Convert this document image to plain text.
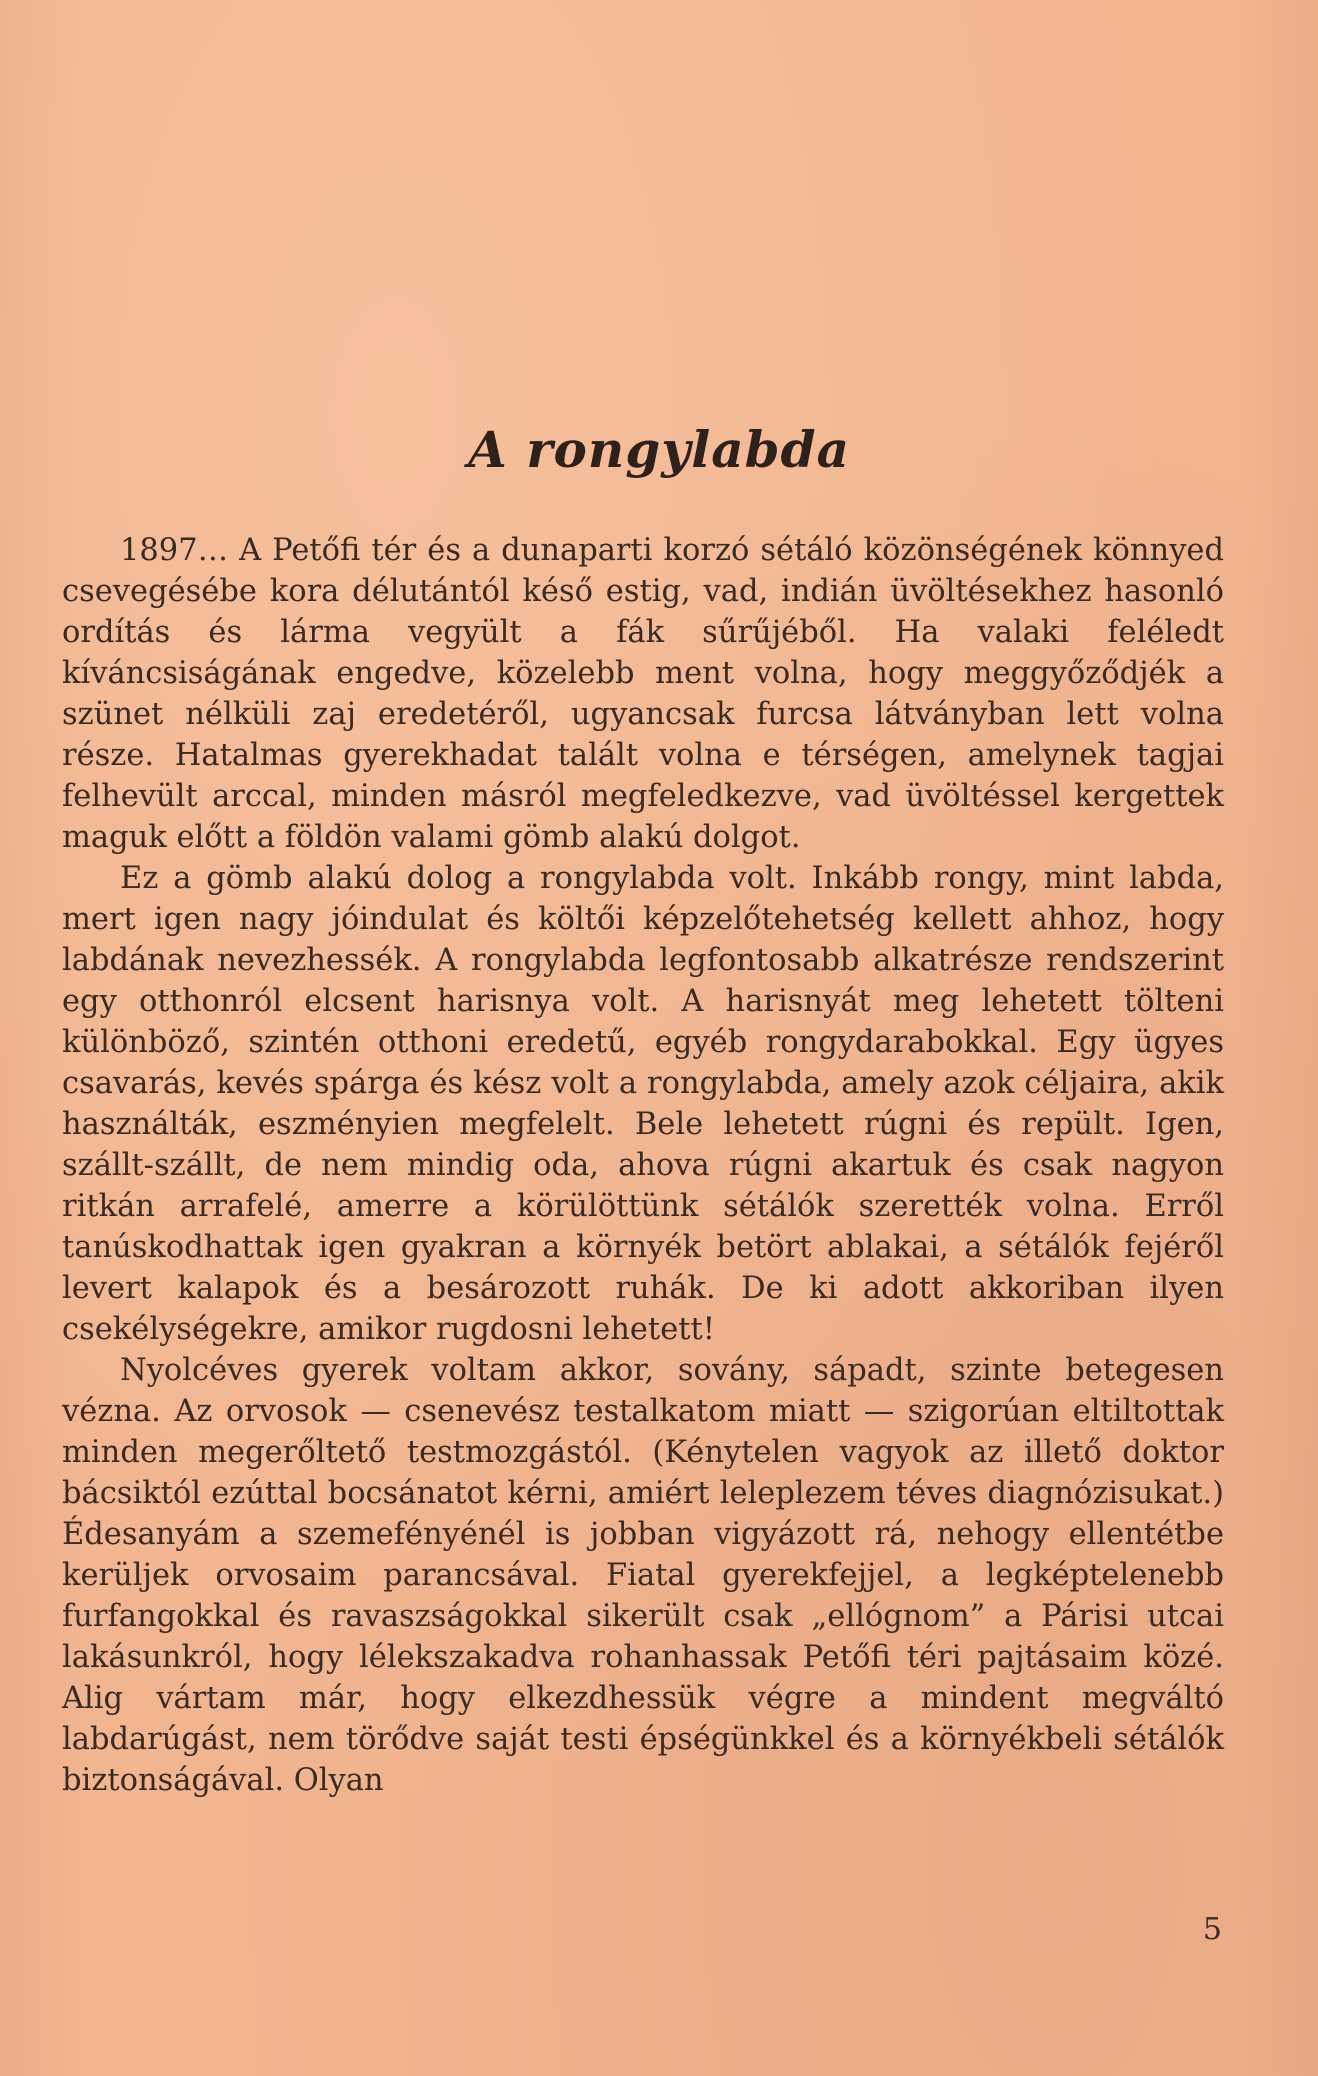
A rongylabda

1897… A Petőfi tér és a dunaparti korzó sétáló közönségének könnyed csevegésébe kora délutántól késő estig, vad, indián üvöltésekhez hasonló ordítás és lárma vegyült a fák sűrűjéből. Ha valaki feléledt kíváncsiságának engedve, közelebb ment volna, hogy meggyőződjék a szünet nélküli zaj eredetéről, ugyancsak furcsa látványban lett volna része. Hatalmas gyerekhadat talált volna e térségen, amelynek tagjai felhevült arccal, minden másról megfeledkezve, vad üvöltéssel kergettek maguk előtt a földön valami gömb alakú dolgot.

Ez a gömb alakú dolog a rongylabda volt. Inkább rongy, mint labda, mert igen nagy jóindulat és költői képzelőtehetség kellett ahhoz, hogy labdának nevezhessék. A rongylabda legfontosabb alkatrésze rendszerint egy otthonról elcsent harisnya volt. A harisnyát meg lehetett tölteni különböző, szintén otthoni eredetű, egyéb rongydarabokkal. Egy ügyes csavarás, kevés spárga és kész volt a rongylabda, amely azok céljaira, akik használták, eszményien megfelelt. Bele lehetett rúgni és repült. Igen, szállt-szállt, de nem mindig oda, ahova rúgni akartuk és csak nagyon ritkán arrafelé, amerre a körülöttünk sétálók szerették volna. Erről tanúskodhattak igen gyakran a környék betört ablakai, a sétálók fejéről levert kalapok és a besározott ruhák. De ki adott akkoriban ilyen csekélységekre, amikor rugdosni lehetett!

Nyolcéves gyerek voltam akkor, sovány, sápadt, szinte betegesen vézna. Az orvosok — csenevész testalkatom miatt — szigorúan eltiltottak minden megerőltető testmozgástól. (Kénytelen vagyok az illető doktor bácsiktól ezúttal bocsánatot kérni, amiért leleplezem téves diagnózisukat.) Édesanyám a szemefényénél is jobban vigyázott rá, nehogy ellentétbe kerüljek orvosaim parancsával. Fiatal gyerekfejjel, a legképtelenebb furfangokkal és ravaszságokkal sikerült csak „ellógnom” a Párisi utcai lakásunkról, hogy lélekszakadva rohanhassak Petőfi téri pajtásaim közé. Alig vártam már, hogy elkezdhessük végre a mindent megváltó labdarúgást, nem törődve saját testi épségünkkel és a környékbeli sétálók biztonságával. Olyan

5
